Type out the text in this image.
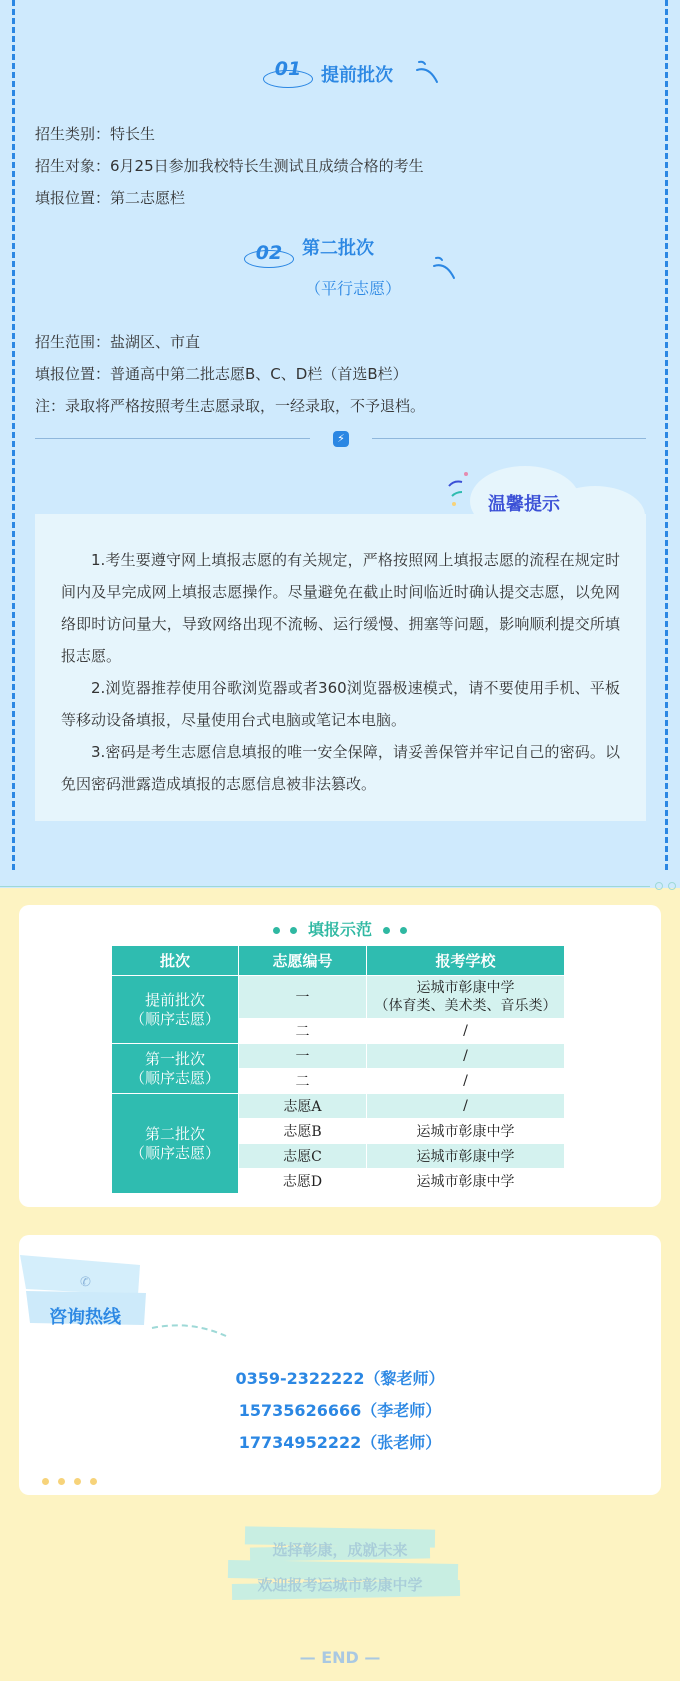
01	提前批次
招生类别：特长生
招生对象：6月25日参加我校特长生测试且成绩合格的考生
填报位置：第二志愿栏
02	第二批次
（平行志愿）
招生范围：盐湖区、市直
填报位置：普通高中第二批志愿B、C、D栏（首选B栏）
注：录取将严格按照考生志愿录取，一经录取，不予退档。
⚡

1.考生要遵守网上填报志愿的有关规定，严格按照网上填报志愿的流程在规定时间内及早完成网上填报志愿操作。尽量避免在截止时间临近时确认提交志愿，以免网络即时访问量大，导致网络出现不流畅、运行缓慢、拥塞等问题，影响顺利提交所填报志愿。

2.浏览器推荐使用谷歌浏览器或者360浏览器极速模式，请不要使用手机、平板等移动设备填报，尽量使用台式电脑或笔记本电脑。

3.密码是考生志愿信息填报的唯一安全保障，请妥善保管并牢记自己的密码。以免因密码泄露造成填报的志愿信息被非法篡改。

温馨提示
填报示范
批次	志愿编号	报考学校
提前批次
（顺序志愿）	一	运城市彰康中学
（体育类、美术类、音乐类）
	二	/
第一批次
（顺序志愿）	一	/
	二	/
第二批次
（顺序志愿）	志愿A	/
	志愿B	运城市彰康中学
	志愿C	运城市彰康中学
	志愿D	运城市彰康中学
✆
咨询热线
0359-2322222（黎老师）
15735626666（李老师）
17734952222（张老师）
选择彰康，成就未来
欢迎报考运城市彰康中学
— END —
